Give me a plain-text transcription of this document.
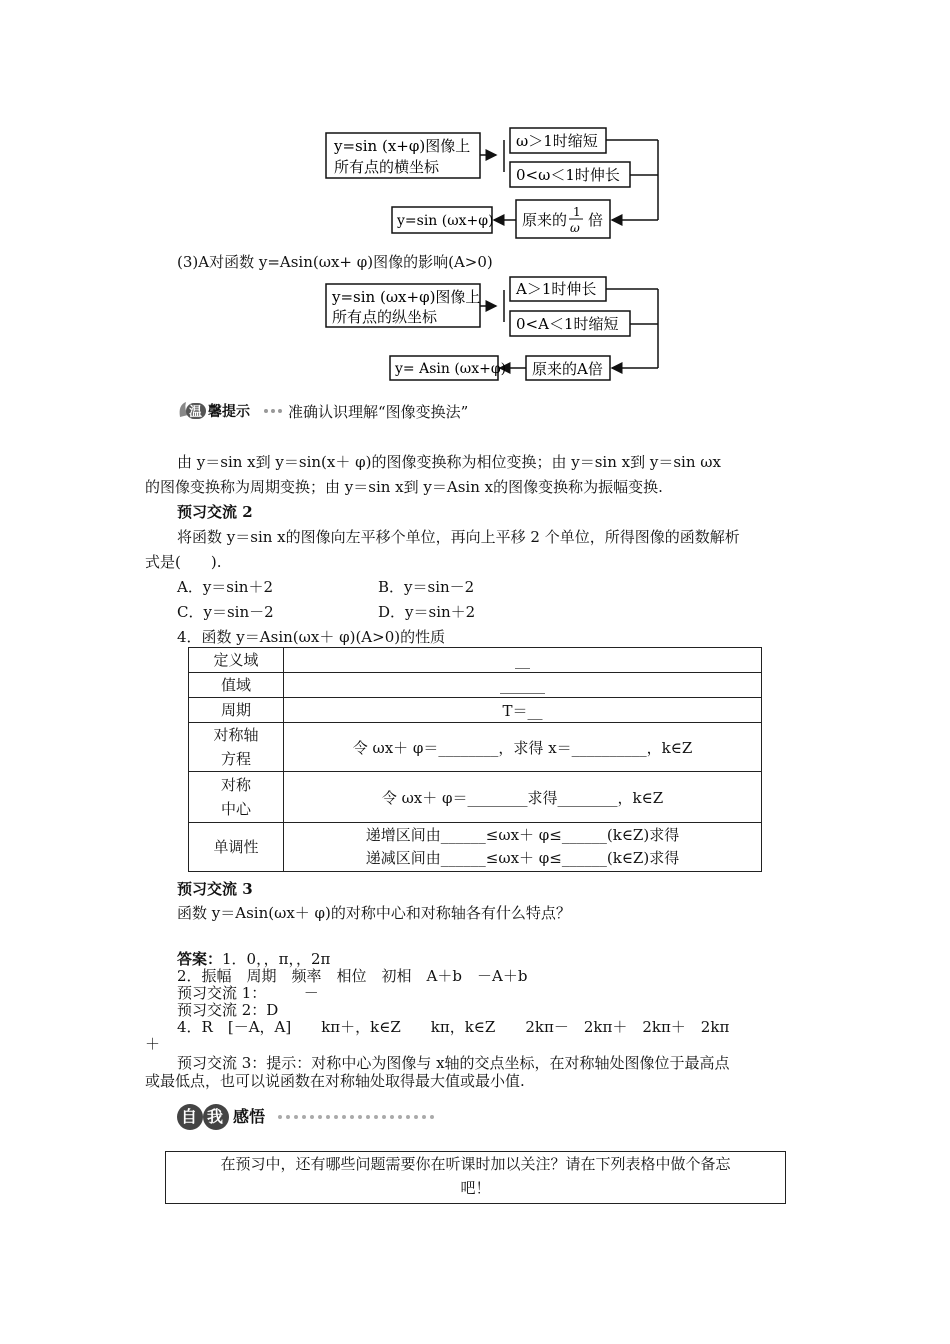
y=sin (x+φ)图像上
所有点的横坐标
ω＞1时缩短
0<ω＜1时伸长
原来的 1
ω 倍
y=sin (ωx+φ)
(3)A对函数 y=Asin(ωx+ φ)图像的影响(A>0)
y=sin (ωx+φ)图像上
所有点的纵坐标
A＞1时伸长
0<A＜1时缩短
原来的A倍
y= Asin (ωx+φ)
温 馨提示	准确认识理解“图像变换法”
由 y＝sin x到 y＝sin(x＋ φ)的图像变换称为相位变换；由 y＝sin x到 y＝sin ωx
的图像变换称为周期变换；由 y＝sin x到 y＝Asin x的图像变换称为振幅变换.
预习交流 2
将函数 y＝sin x的图像向左平移个单位，再向上平移 2 个单位，所得图像的函数解析
式是(　　).
A．y＝sin＋2	B．y＝sin－2
C．y＝sin－2	D．y＝sin＋2
4．函数 y＝Asin(ωx＋ φ)(A>0)的性质
定义域	__
值域	______
周期	T＝__

对称轴
方程	令 ωx＋ φ＝________，求得 x＝__________，k∈Z

对称
中心	令 ωx＋ φ＝________求得________，k∈Z
单调性	递增区间由______≤ωx＋ φ≤______(k∈Z)求得
递减区间由______≤ωx＋ φ≤______(k∈Z)求得
预习交流 3
函数 y＝Asin(ωx＋ φ)的对称中心和对称轴各有什么特点？
答案：1．0，，π，，2π
2．振幅　周期　频率　相位　初相　A＋b　－A＋b
预习交流 1：　　　－
预习交流 2：D
4．R　[－A，A]　　kπ＋，k∈Z　　kπ，k∈Z　　2kπ－　2kπ＋　2kπ＋　2kπ
＋
预习交流 3：提示：对称中心为图像与 x轴的交点坐标，在对称轴处图像位于最高点
或最低点，也可以说函数在对称轴处取得最大值或最小值.
自 我 感悟
在预习中，还有哪些问题需要你在听课时加以关注？请在下列表格中做个备忘
吧！
